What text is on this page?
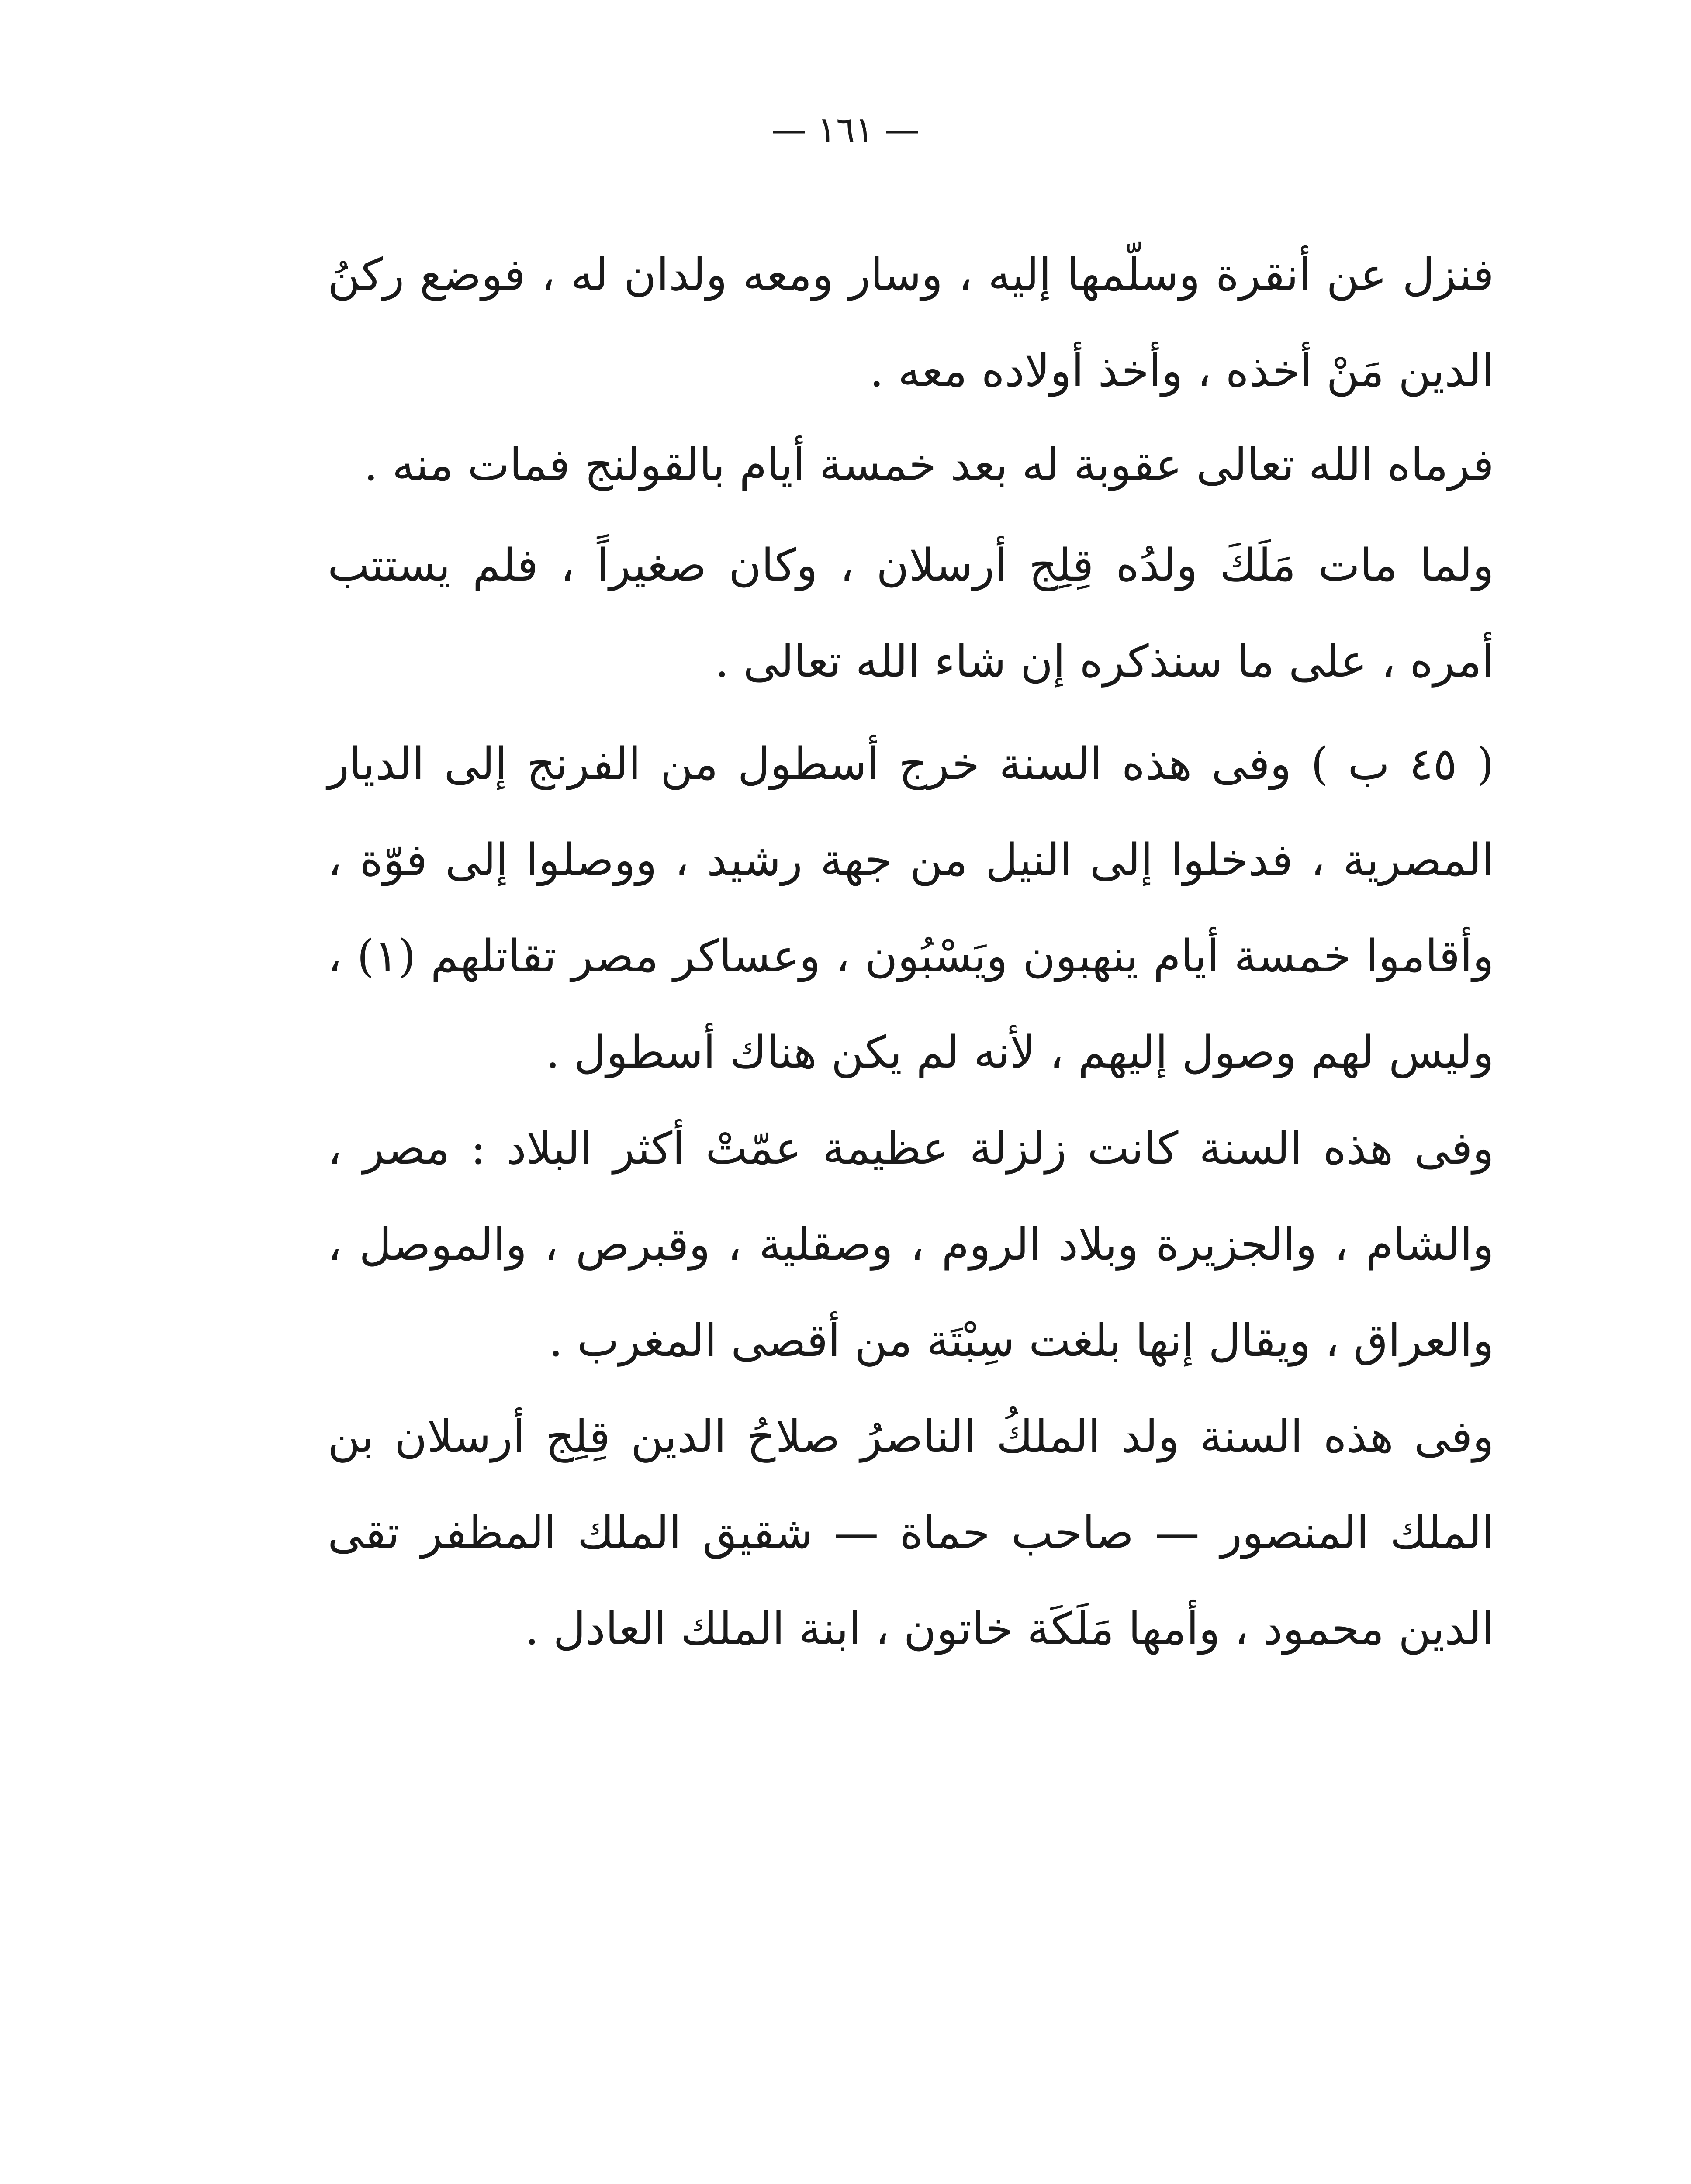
— ١٦١ —

فنزل عن أنقرة وسلّمها إليه ، وسار ومعه ولدان له ، فوضع ركنُ الدين مَنْ أخذه ، وأخذ أولاده معه .

فرماه الله تعالى عقوبة له بعد خمسة أيام بالقولنج فمات منه .

ولما مات مَلَكَ ولدُه قِلِج أرسلان ، وكان صغيراً ، فلم يستتب أمره ، على ما سنذكره إن شاء الله تعالى .

( ٤٥ ب ) وفى هذه السنة خرج أسطول من الفرنج إلى الديار المصرية ، فدخلوا إلى النيل من جهة رشيد ، ووصلوا إلى فوّة ، وأقاموا خمسة أيام ينهبون ويَسْبُون ، وعساكر مصر تقاتلهم (١) ، وليس لهم وصول إليهم ، لأنه لم يكن هناك أسطول .

وفى هذه السنة كانت زلزلة عظيمة عمّتْ أكثر البلاد : مصر ، والشام ، والجزيرة وبلاد الروم ، وصقلية ، وقبرص ، والموصل ، والعراق ، ويقال إنها بلغت سِبْتَة من أقصى المغرب .

وفى هذه السنة ولد الملكُ الناصرُ صلاحُ الدين قِلِج أرسلان بن الملك المنصور — صاحب حماة — شقيق الملك المظفر تقى الدين محمود ، وأمها مَلَكَة خاتون ، ابنة الملك العادل .
